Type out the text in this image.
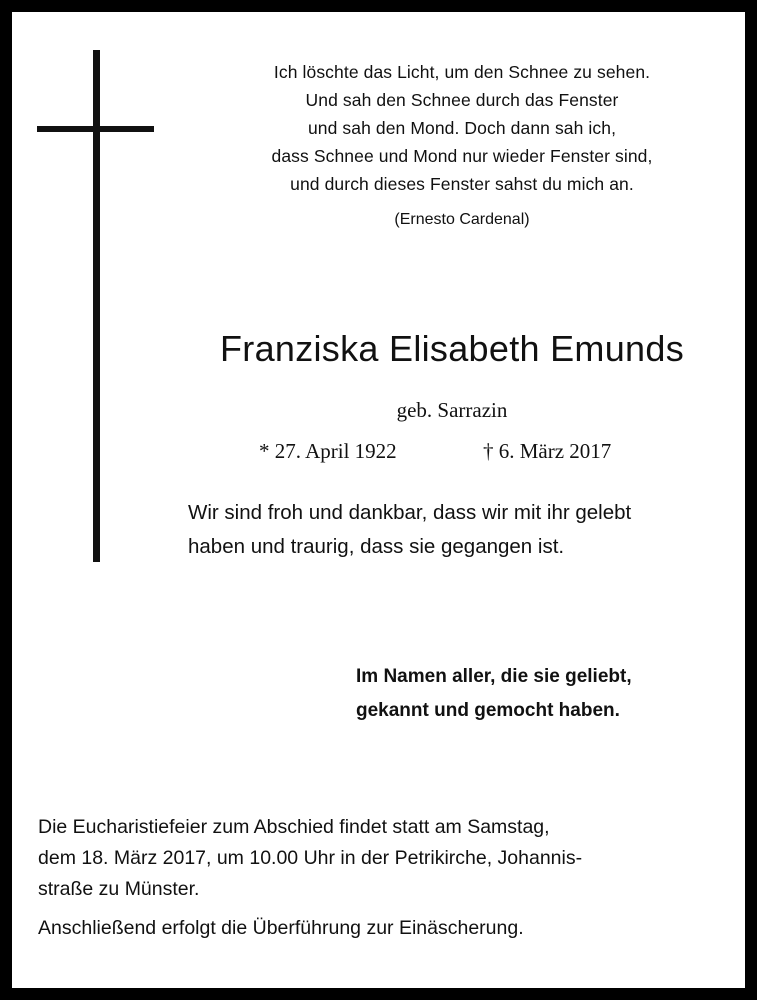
Ich löschte das Licht, um den Schnee zu sehen.
Und sah den Schnee durch das Fenster
und sah den Mond. Doch dann sah ich,
dass Schnee und Mond nur wieder Fenster sind,
und durch dieses Fenster sahst du mich an.
(Ernesto Cardenal)
Franziska Elisabeth Emunds
geb. Sarrazin
* 27. April 1922	† 6. März 2017
Wir sind froh und dankbar, dass wir mit ihr gelebt
haben und traurig, dass sie gegangen ist.
Im Namen aller, die sie geliebt,
gekannt und gemocht haben.
Die Eucharistiefeier zum Abschied findet statt am Samstag,
dem 18. März 2017, um 10.00 Uhr in der Petrikirche, Johannis-
straße zu Münster.
Anschließend erfolgt die Überführung zur Einäscherung.
